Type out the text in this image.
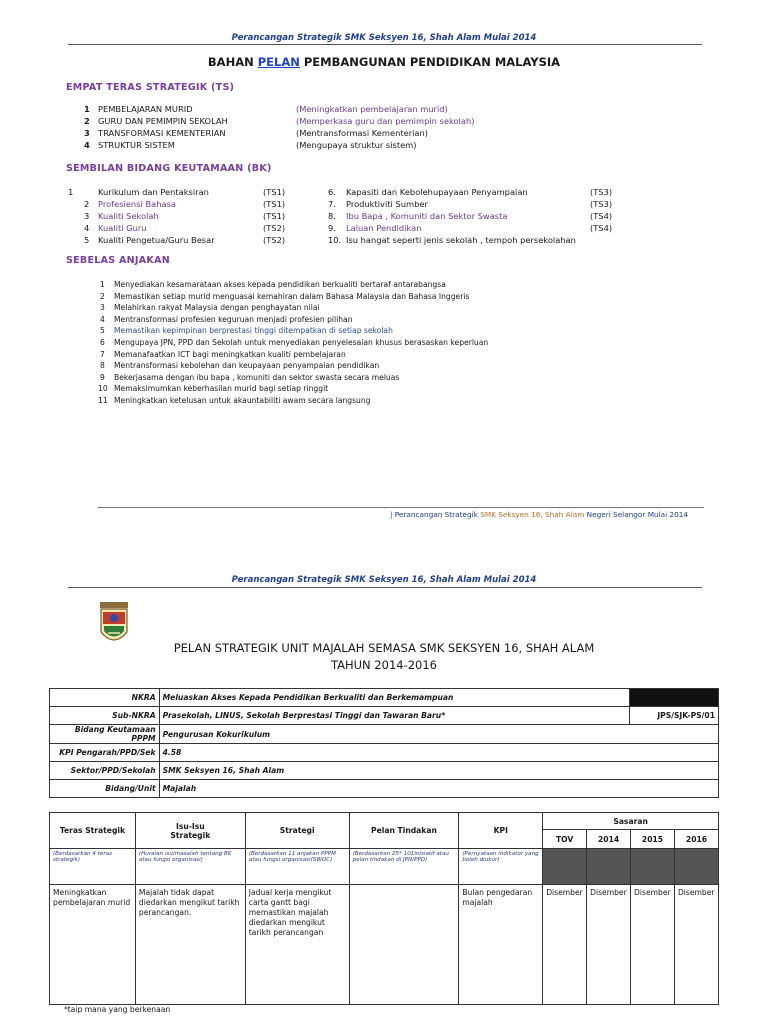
Perancangan Strategik SMK Seksyen 16, Shah Alam Mulai 2014
BAHAN PELAN PEMBANGUNAN PENDIDIKAN MALAYSIA
EMPAT TERAS STRATEGIK (TS)
1 PEMBELAJARAN MURID	(Meningkatkan pembelajaran murid)
2 GURU DAN PEMIMPIN SEKOLAH	(Memperkasa guru dan pemimpin sekolah)
3 TRANSFORMASI KEMENTERIAN	(Mentransformasi Kementerian)
4 STRUKTUR SISTEM	(Mengupaya struktur sistem)
SEMBILAN BIDANG KEUTAMAAN (BK)
1	Kurikulum dan Pentaksiran	(TS1)
2 Profesiensi Bahasa	(TS1)
3 Kualiti Sekolah	(TS1)
4 Kualiti Guru	(TS2)
5 Kualiti Pengetua/Guru Besar	(TS2)
6. Kapasiti dan Kebolehupayaan Penyampaian	(TS3)
7. Produktiviti Sumber	(TS3)
8. Ibu Bapa , Komuniti dan Sektor Swasta	(TS4)
9. Laluan Pendidikan	(TS4)
10. Isu hangat seperti jenis sekolah , tempoh persekolahan
SEBELAS ANJAKAN
1 Menyediakan kesamarataan akses kepada pendidikan berkualiti bertaraf antarabangsa
2 Memastikan setiap murid menguasai kemahiran dalam Bahasa Malaysia dan Bahasa Inggeris
3 Melahirkan rakyat Malaysia dengan penghayatan nilai
4 Mentransformasi profesien keguruan menjadi profesien pilihan
5 Memastikan kepimpinan berprestasi tinggi ditempatkan di setiap sekolah
6 Mengupaya JPN, PPD dan Sekolah untuk menyediakan penyelesaian khusus berasaskan keperluan
7 Memanafaatkan ICT bagi meningkatkan kualiti pembelajaran
8 Mentransformasi kebolehan dan keupayaan penyampaian pendidikan
9 Bekerjasama dengan ibu bapa , komuniti dan sektor swasta secara meluas
10 Memaksimumkan keberhasilan murid bagi setiap ringgit
11 Meningkatkan ketelusan untuk akauntabiliti awam secara langsung
| Perancangan Strategik SMK Seksyen 16, Shah Alam Negeri Selangor Mulai 2014
Perancangan Strategik SMK Seksyen 16, Shah Alam Mulai 2014
PELAN STRATEGIK UNIT MAJALAH SEMASA SMK SEKSYEN 16, SHAH ALAM
TAHUN 2014-2016
NKRA	Meluaskan Akses Kepada Pendidikan Berkualiti dan Berkemampuan	
Sub-NKRA	Prasekolah, LINUS, Sekolah Berprestasi Tinggi dan Tawaran Baru*	JPS/SJK-PS/01
Bidang Keutamaan PPPM	Pengurusan Kokurikulum	
KPI Pengarah/PPD/Sek	4.58	
Sektor/PPD/Sekolah	SMK Seksyen 16, Shah Alam	
Bidang/Unit	Majalah	
Teras Strategik	Isu-Isu Strategik	Strategi	Pelan Tindakan	KPI	Sasaran			
					TOV	2014	2015	2016
(Berdasarkan 4 teras strategik)	(Huraian isu/masalah tentang BK atau fungsi organisasi)	(Berdasarkan 11 anjakan PPPM atau fungsi organisasi(SWOC)	(Berdasarkan 25* 101inisiatif atau pelan tindakan di JPN/PPD)	(Pernyataan indikator yang boleh diukur)				
Meningkatkan pembelajaran murid	Majalah tidak dapat diedarkan mengikut tarikh perancangan.	Jadual kerja mengikut carta gantt bagi memastikan majalah diedarkan mengikut tarikh perancangan		Bulan pengedaran majalah	Disember	Disember	Disember	Disember
*taip mana yang berkenaan
